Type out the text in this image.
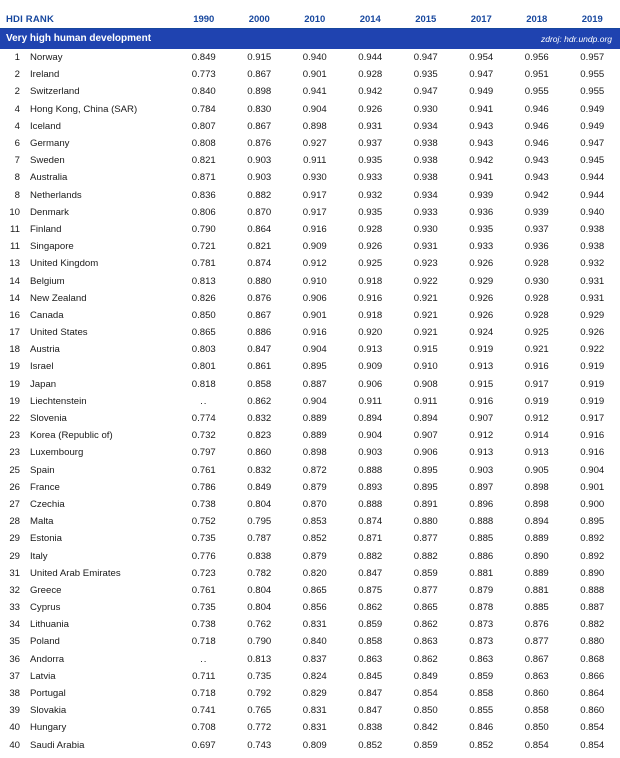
HDI RANK		1990	2000	2010	2014	2015	2017	2018	2019
Very high human development					zdroj: hdr.undp.org				
1	Norway	0.849	0.915	0.940	0.944	0.947	0.954	0.956	0.957
2	Ireland	0.773	0.867	0.901	0.928	0.935	0.947	0.951	0.955
2	Switzerland	0.840	0.898	0.941	0.942	0.947	0.949	0.955	0.955
4	Hong Kong, China (SAR)	0.784	0.830	0.904	0.926	0.930	0.941	0.946	0.949
4	Iceland	0.807	0.867	0.898	0.931	0.934	0.943	0.946	0.949
6	Germany	0.808	0.876	0.927	0.937	0.938	0.943	0.946	0.947
7	Sweden	0.821	0.903	0.911	0.935	0.938	0.942	0.943	0.945
8	Australia	0.871	0.903	0.930	0.933	0.938	0.941	0.943	0.944
8	Netherlands	0.836	0.882	0.917	0.932	0.934	0.939	0.942	0.944
10	Denmark	0.806	0.870	0.917	0.935	0.933	0.936	0.939	0.940
11	Finland	0.790	0.864	0.916	0.928	0.930	0.935	0.937	0.938
11	Singapore	0.721	0.821	0.909	0.926	0.931	0.933	0.936	0.938
13	United Kingdom	0.781	0.874	0.912	0.925	0.923	0.926	0.928	0.932
14	Belgium	0.813	0.880	0.910	0.918	0.922	0.929	0.930	0.931
14	New Zealand	0.826	0.876	0.906	0.916	0.921	0.926	0.928	0.931
16	Canada	0.850	0.867	0.901	0.918	0.921	0.926	0.928	0.929
17	United States	0.865	0.886	0.916	0.920	0.921	0.924	0.925	0.926
18	Austria	0.803	0.847	0.904	0.913	0.915	0.919	0.921	0.922
19	Israel	0.801	0.861	0.895	0.909	0.910	0.913	0.916	0.919
19	Japan	0.818	0.858	0.887	0.906	0.908	0.915	0.917	0.919
19	Liechtenstein	..	0.862	0.904	0.911	0.911	0.916	0.919	0.919
22	Slovenia	0.774	0.832	0.889	0.894	0.894	0.907	0.912	0.917
23	Korea (Republic of)	0.732	0.823	0.889	0.904	0.907	0.912	0.914	0.916
23	Luxembourg	0.797	0.860	0.898	0.903	0.906	0.913	0.913	0.916
25	Spain	0.761	0.832	0.872	0.888	0.895	0.903	0.905	0.904
26	France	0.786	0.849	0.879	0.893	0.895	0.897	0.898	0.901
27	Czechia	0.738	0.804	0.870	0.888	0.891	0.896	0.898	0.900
28	Malta	0.752	0.795	0.853	0.874	0.880	0.888	0.894	0.895
29	Estonia	0.735	0.787	0.852	0.871	0.877	0.885	0.889	0.892
29	Italy	0.776	0.838	0.879	0.882	0.882	0.886	0.890	0.892
31	United Arab Emirates	0.723	0.782	0.820	0.847	0.859	0.881	0.889	0.890
32	Greece	0.761	0.804	0.865	0.875	0.877	0.879	0.881	0.888
33	Cyprus	0.735	0.804	0.856	0.862	0.865	0.878	0.885	0.887
34	Lithuania	0.738	0.762	0.831	0.859	0.862	0.873	0.876	0.882
35	Poland	0.718	0.790	0.840	0.858	0.863	0.873	0.877	0.880
36	Andorra	..	0.813	0.837	0.863	0.862	0.863	0.867	0.868
37	Latvia	0.711	0.735	0.824	0.845	0.849	0.859	0.863	0.866
38	Portugal	0.718	0.792	0.829	0.847	0.854	0.858	0.860	0.864
39	Slovakia	0.741	0.765	0.831	0.847	0.850	0.855	0.858	0.860
40	Hungary	0.708	0.772	0.831	0.838	0.842	0.846	0.850	0.854
40	Saudi Arabia	0.697	0.743	0.809	0.852	0.859	0.852	0.854	0.854
